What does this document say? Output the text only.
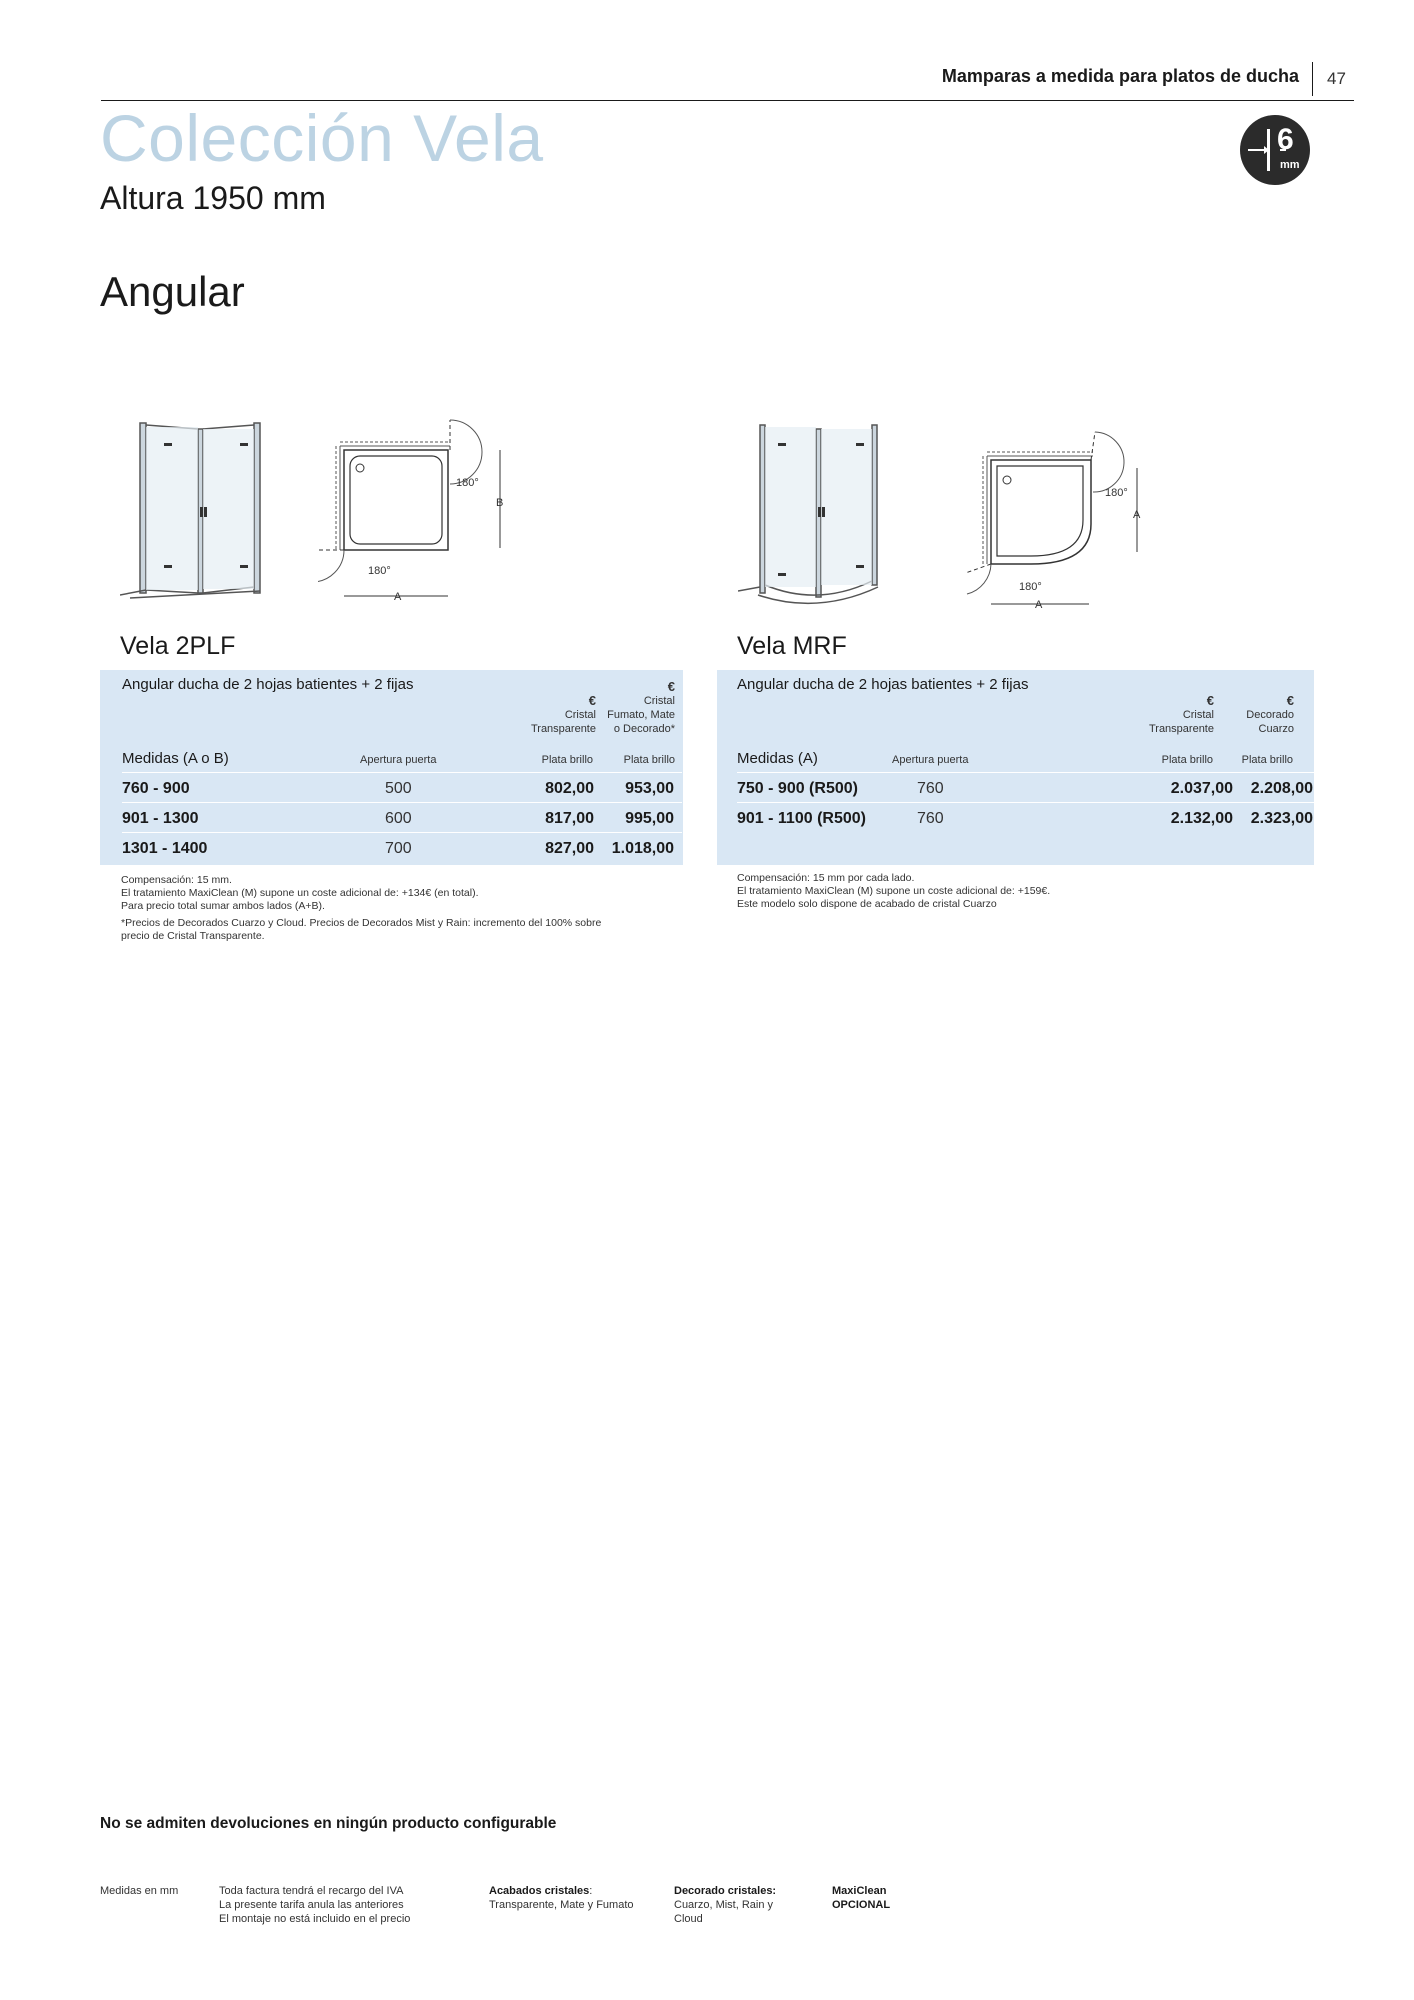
Mamparas a medida para platos de ducha 47
Colección Vela
Altura 1950 mm
Angular
6
mm
180°
180°
A
B
180°
180°
A
A
Vela 2PLF
Angular ducha de 2 hojas batientes + 2 fijas
€
Cristal
Transparente
€
Cristal
Fumato, Mate
o Decorado*
Medidas (A o B)	Apertura puerta	Plata brillo	Plata brillo
760 - 900	500	802,00 953,00
901 - 1300	600	817,00 995,00
1301 - 1400	700	827,00 1.018,00
Compensación: 15 mm.
El tratamiento MaxiClean (M) supone un coste adicional de: +134€ (en total).
Para precio total sumar ambos lados (A+B).
*Precios de Decorados Cuarzo y Cloud. Precios de Decorados Mist y Rain: incremento del 100% sobre
precio de Cristal Transparente.
Vela MRF
Angular ducha de 2 hojas batientes + 2 fijas
€
Cristal
Transparente
€
Decorado
Cuarzo
Medidas (A)	Apertura puerta	Plata brillo	Plata brillo
750 - 900 (R500)	760	2.037,00 2.208,00
901 - 1100 (R500)	760	2.132,00 2.323,00
Compensación: 15 mm por cada lado.
El tratamiento MaxiClean (M) supone un coste adicional de: +159€.
Este modelo solo dispone de acabado de cristal Cuarzo
No se admiten devoluciones en ningún producto configurable
Medidas en mm	Toda factura tendrá el recargo del IVA
La presente tarifa anula las anteriores
El montaje no está incluido en el precio
Acabados cristales:
Transparente, Mate y Fumato
Decorado cristales:
Cuarzo, Mist, Rain y
Cloud
MaxiClean
OPCIONAL
